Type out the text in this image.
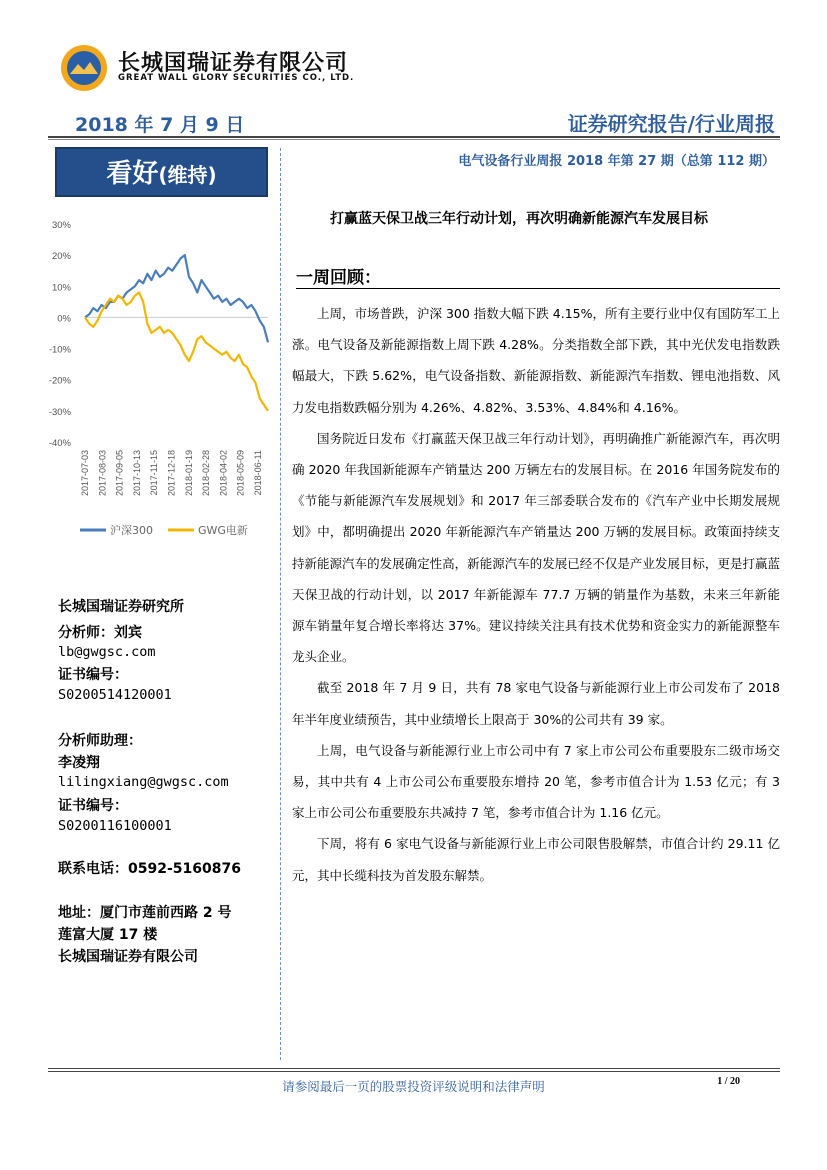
长城国瑞证券有限公司
GREAT WALL GLORY SECURITIES CO., LTD.
2018 年 7 月 9 日	证券研究报告/行业周报
看好(维持)
电气设备行业周报 2018 年第 27 期（总第 112 期）
30%
20%
10%
0%
-10%
-20%
-30%
-40%
2017-07-03 2017-08-03 2017-09-05 2017-10-13 2017-11-15 2017-12-18 2018-01-19 2018-02-28 2018-04-02 2018-05-09 2018-06-11
沪深300	GWG电新
打赢蓝天保卫战三年行动计划，再次明确新能源汽车发展目标
一周回顾：

上周，市场普跌，沪深 300 指数大幅下跌 4.15%，所有主要行业中仅有国防军工上涨。电气设备及新能源指数上周下跌 4.28%。分类指数全部下跌，其中光伏发电指数跌幅最大，下跌 5.62%，电气设备指数、新能源指数、新能源汽车指数、锂电池指数、风力发电指数跌幅分别为 4.26%、4.82%、3.53%、4.84%和 4.16%。

国务院近日发布《打赢蓝天保卫战三年行动计划》，再明确推广新能源汽车，再次明确 2020 年我国新能源车产销量达 200 万辆左右的发展目标。在 2016 年国务院发布的《节能与新能源汽车发展规划》和 2017 年三部委联合发布的《汽车产业中长期发展规划》中，都明确提出 2020 年新能源汽车产销量达 200 万辆的发展目标。政策面持续支持新能源汽车的发展确定性高，新能源汽车的发展已经不仅是产业发展目标，更是打赢蓝天保卫战的行动计划，以 2017 年新能源车 77.7 万辆的销量作为基数，未来三年新能源车销量年复合增长率将达 37%。建议持续关注具有技术优势和资金实力的新能源整车龙头企业。

截至 2018 年 7 月 9 日，共有 78 家电气设备与新能源行业上市公司发布了 2018 年半年度业绩预告，其中业绩增长上限高于 30%的公司共有 39 家。

上周，电气设备与新能源行业上市公司中有 7 家上市公司公布重要股东二级市场交易，其中共有 4 上市公司公布重要股东增持 20 笔，参考市值合计为 1.53 亿元；有 3 家上市公司公布重要股东共减持 7 笔，参考市值合计为 1.16 亿元。

下周，将有 6 家电气设备与新能源行业上市公司限售股解禁，市值合计约 29.11 亿元，其中长缆科技为首发股东解禁。

长城国瑞证券研究所
分析师：刘宾
lb@gwgsc.com
证书编号：
S0200514120001
分析师助理：
李凌翔
lilingxiang@gwgsc.com
证书编号：
S0200116100001
联系电话：0592-5160876
地址：厦门市莲前西路 2 号
莲富大厦 17 楼
长城国瑞证券有限公司
请参阅最后一页的股票投资评级说明和法律声明	1 / 20
